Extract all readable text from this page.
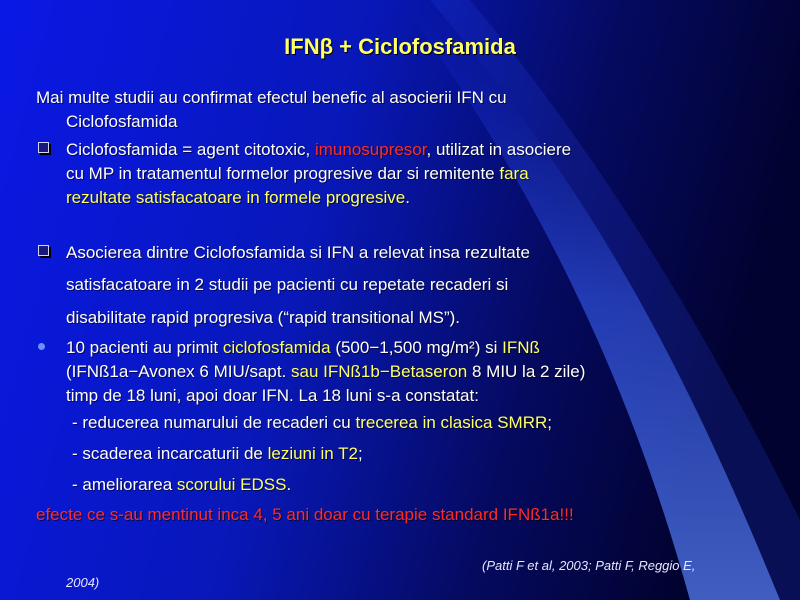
IFNβ + Ciclofosfamida
Mai multe studii au confirmat efectul benefic al asocierii IFN cu
Ciclofosfamida
Ciclofosfamida = agent citotoxic, imunosupresor, utilizat in asociere
cu MP in tratamentul formelor progresive dar si remitente fara
rezultate satisfacatoare in formele progresive.
Asocierea dintre Ciclofosfamida si IFN a relevat insa rezultate
satisfacatoare in 2 studii pe pacienti cu repetate recaderi si
disabilitate rapid progresiva (“rapid transitional MS”).
10 pacienti au primit ciclofosfamida (500−1,500 mg/m²) si IFNß
(IFNß1a−Avonex 6 MIU/sapt. sau IFNß1b−Betaseron 8 MIU la 2 zile)
timp de 18 luni, apoi doar IFN. La 18 luni s-a constatat:
- reducerea numarului de recaderi cu trecerea in clasica SMRR;
- scaderea incarcaturii de leziuni in T2;
- ameliorarea scorului EDSS.
efecte ce s-au mentinut inca 4, 5 ani doar cu terapie standard IFNß1a!!!
(Patti F et al, 2003; Patti F, Reggio E,
2004)
